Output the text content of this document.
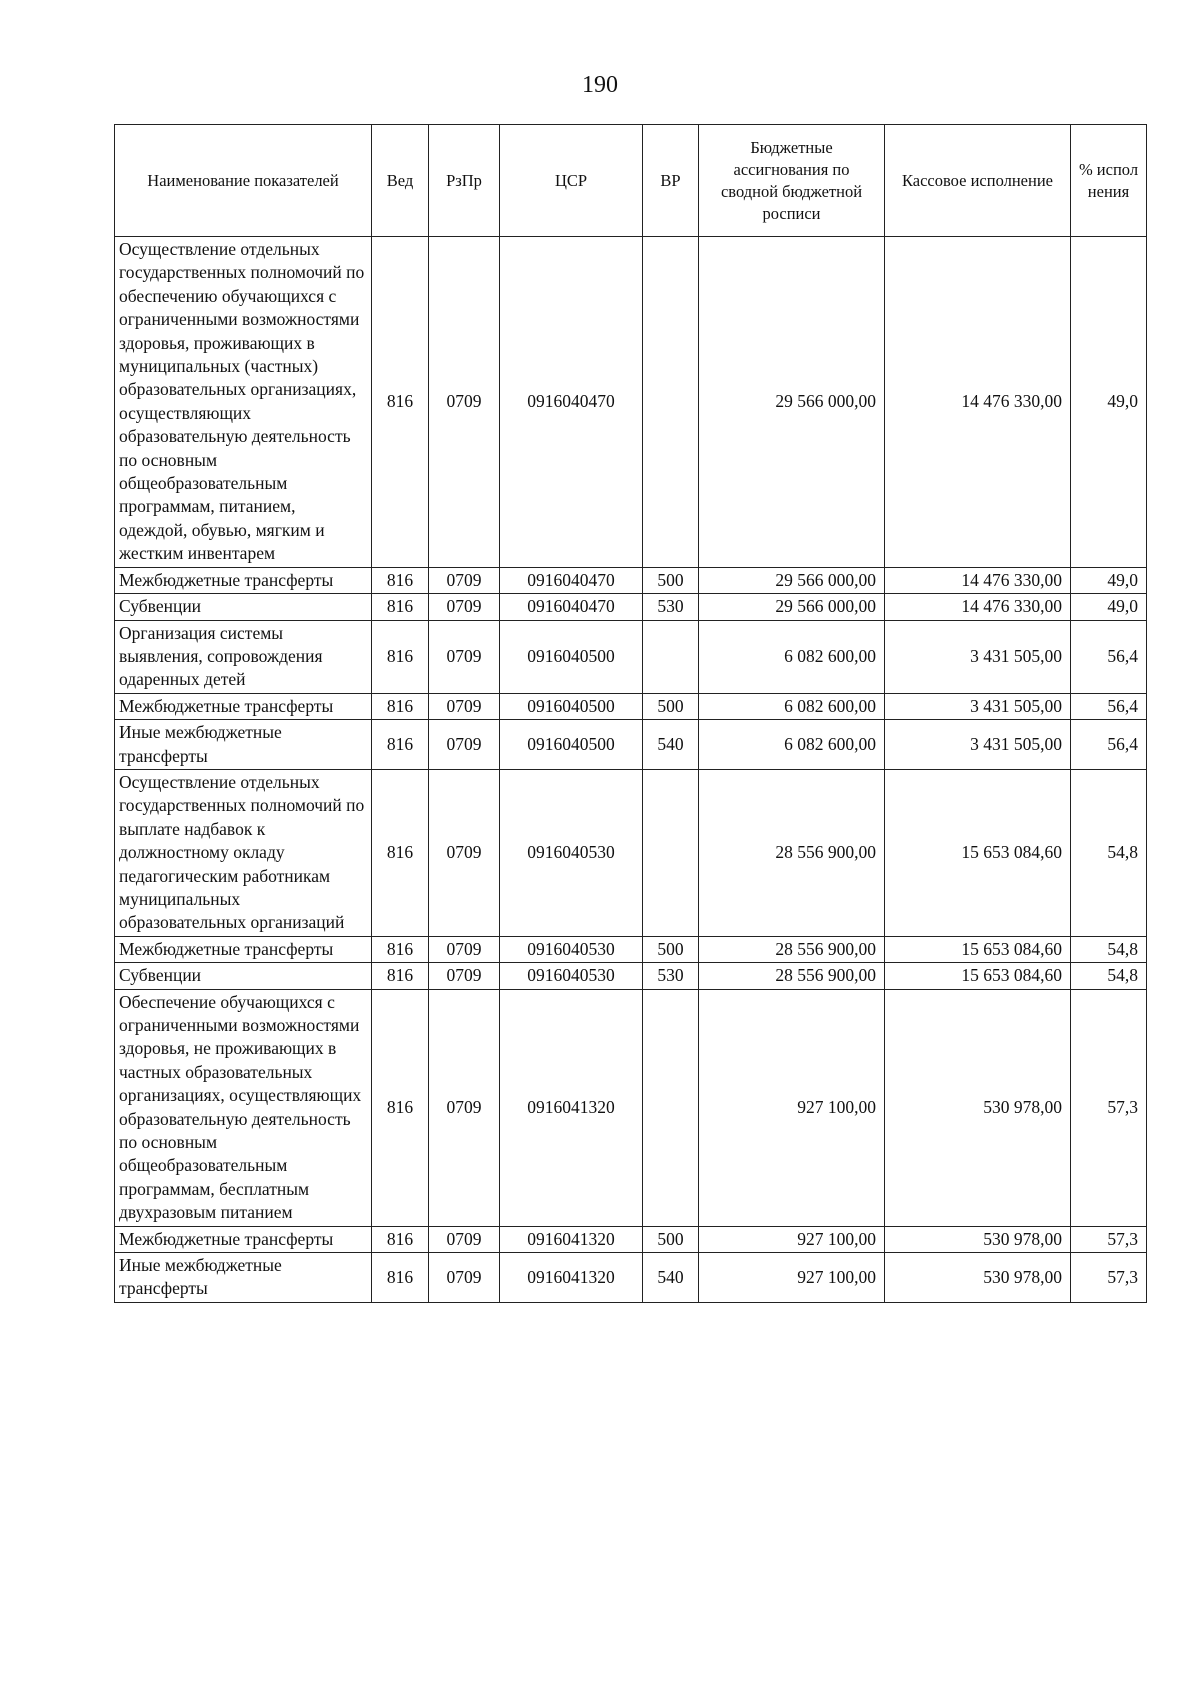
190
Наименование показателей	Вед	РзПр	ЦСР	ВР	Бюджетные ассигнования по сводной бюджетной росписи	Кассовое исполнение	% испол нения
Осуществление отдельных государственных полномочий по обеспечению обучающихся с ограниченными возможностями здоровья, проживающих в муниципальных (частных) образовательных организациях, осуществляющих образовательную деятельность по основным общеобразовательным программам, питанием, одеждой, обувью, мягким и жестким инвентарем	816	0709	0916040470		29 566 000,00	14 476 330,00	49,0
Межбюджетные трансферты	816	0709	0916040470	500	29 566 000,00	14 476 330,00	49,0
Субвенции	816	0709	0916040470	530	29 566 000,00	14 476 330,00	49,0
Организация системы выявления, сопровождения одаренных детей	816	0709	0916040500		6 082 600,00	3 431 505,00	56,4
Межбюджетные трансферты	816	0709	0916040500	500	6 082 600,00	3 431 505,00	56,4
Иные межбюджетные трансферты	816	0709	0916040500	540	6 082 600,00	3 431 505,00	56,4
Осуществление отдельных государственных полномочий по выплате надбавок к должностному окладу педагогическим работникам муниципальных образовательных организаций	816	0709	0916040530		28 556 900,00	15 653 084,60	54,8
Межбюджетные трансферты	816	0709	0916040530	500	28 556 900,00	15 653 084,60	54,8
Субвенции	816	0709	0916040530	530	28 556 900,00	15 653 084,60	54,8
Обеспечение обучающихся с ограниченными возможностями здоровья, не проживающих в частных образовательных организациях, осуществляющих образовательную деятельность по основным общеобразовательным программам, бесплатным двухразовым питанием	816	0709	0916041320		927 100,00	530 978,00	57,3
Межбюджетные трансферты	816	0709	0916041320	500	927 100,00	530 978,00	57,3
Иные межбюджетные трансферты	816	0709	0916041320	540	927 100,00	530 978,00	57,3
